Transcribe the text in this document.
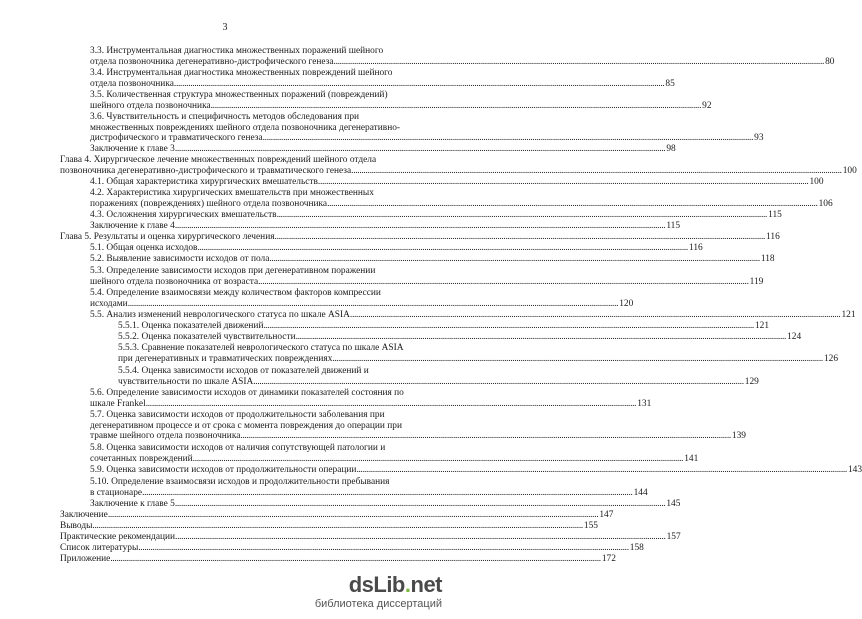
3
3.3. Инструментальная диагностика множественных поражений шейного
отдела позвоночника дегенеративно-дистрофического генеза .....	80
3.4. Инструментальная диагностика множественных повреждений шейного
отдела позвоночника .....	85
3.5. Количественная структура множественных поражений (повреждений)
шейного отдела позвоночника .....	92
3.6. Чувствительность и специфичность методов обследования при
множественных повреждениях шейного отдела позвоночника дегенеративно-
дистрофического и травматического генеза .....	93
Заключение к главе 3 .....	98
Глава 4. Хирургическое лечение множественных повреждений шейного отдела
позвоночника дегенеративно-дистрофического и травматического генеза .....	100
4.1. Общая характеристика хирургических вмешательств .....	100
4.2. Характеристика хирургических вмешательств при множественных
поражениях (повреждениях) шейного отдела позвоночника .....	106
4.3. Осложнения хирургических вмешательств .....	115
Заключение к главе 4 .....	115
Глава 5. Результаты и оценка хирургического лечения .....	116
5.1. Общая оценка исходов .....	116
5.2. Выявление зависимости исходов от пола .....	118
5.3. Определение зависимости исходов при дегенеративном поражении
шейного отдела позвоночника от возраста .....	119
5.4. Определение взаимосвязи между количеством факторов компрессии
исходами .....	120
5.5. Анализ изменений неврологического статуса по шкале ASIA .....	121
5.5.1. Оценка показателей движений .....	121
5.5.2. Оценка показателей чувствительности .....	124
5.5.3. Сравнение показателей неврологического статуса по шкале ASIA
при дегенеративных и травматических повреждениях .....	126
5.5.4. Оценка зависимости исходов от показателей движений и
чувствительности по шкале ASIA .....	129
5.6. Определение зависимости исходов от динамики показателей состояния по
шкале Frankel .....	131
5.7. Оценка зависимости исходов от продолжительности заболевания при
дегенеративном процессе и от срока с момента повреждения до операции при
травме шейного отдела позвоночника .....	139
5.8. Оценка зависимости исходов от наличия сопутствующей патологии и
сочетанных повреждений .....	141
5.9. Оценка зависимости исходов от продолжительности операции .....	143
5.10. Определение взаимосвязи исходов и продолжительности пребывания
в стационаре .....	144
Заключение к главе 5 .....	145
Заключение .....	147
Выводы .....	155
Практические рекомендации .....	157
Список литературы .....	158
Приложение .....	172
dsLib.net
библиотека диссертаций
